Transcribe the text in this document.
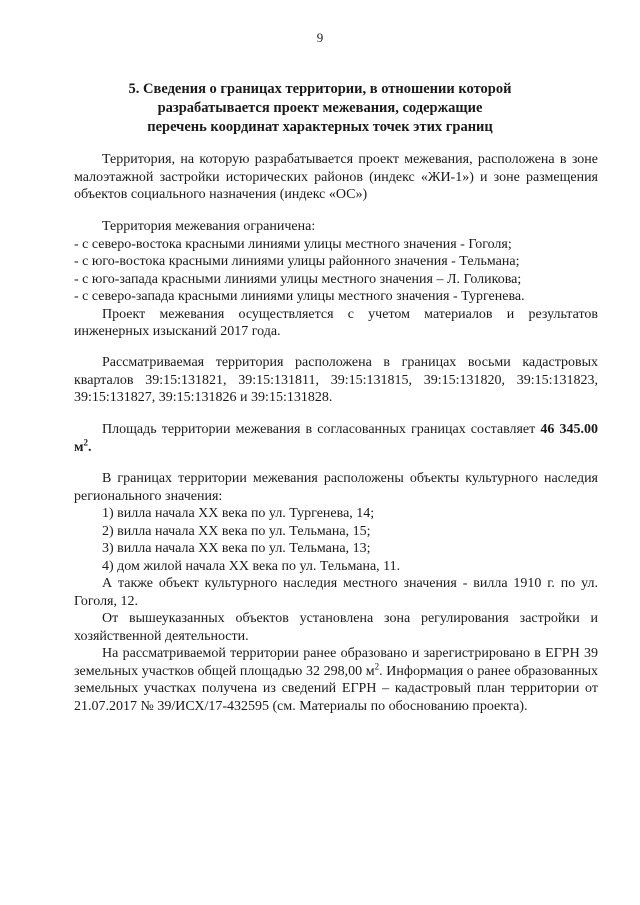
9
5. Сведения о границах территории, в отношении которой
разрабатывается проект межевания, содержащие
перечень координат характерных точек этих границ
Территория, на которую разрабатывается проект межевания, расположена в зоне малоэтажной застройки исторических районов (индекс «ЖИ-1») и зоне размещения объектов социального назначения (индекс «ОС»)
Территория межевания ограничена:
- с северо-востока красными линиями улицы местного значения - Гоголя;
- с юго-востока красными линиями улицы районного значения - Тельмана;
- с юго-запада красными линиями улицы местного значения – Л. Голикова;
- с северо-запада красными линиями улицы местного значения - Тургенева.
Проект межевания осуществляется с учетом материалов и результатов инженерных изысканий 2017 года.
Рассматриваемая территория расположена в границах восьми кадастровых кварталов 39:15:131821, 39:15:131811, 39:15:131815, 39:15:131820, 39:15:131823, 39:15:131827, 39:15:131826 и 39:15:131828.
Площадь территории межевания в согласованных границах составляет 46 345.00 $м^2$.
В границах территории межевания расположены объекты культурного наследия регионального значения:
1) вилла начала XX века по ул. Тургенева, 14;
2) вилла начала XX века по ул. Тельмана, 15;
3) вилла начала XX века по ул. Тельмана, 13;
4) дом жилой начала XX века по ул. Тельмана, 11.
А также объект культурного наследия местного значения - вилла 1910 г. по ул. Гоголя, 12.
От вышеуказанных объектов установлена зона регулирования застройки и хозяйственной деятельности.
На рассматриваемой территории ранее образовано и зарегистрировано в ЕГРН 39 земельных участков общей площадью 32 298,00 $м^2$. Информация о ранее образованных земельных участках получена из сведений ЕГРН – кадастровый план территории от 21.07.2017 № 39/ИСХ/17-432595 (см. Материалы по обоснованию проекта).
